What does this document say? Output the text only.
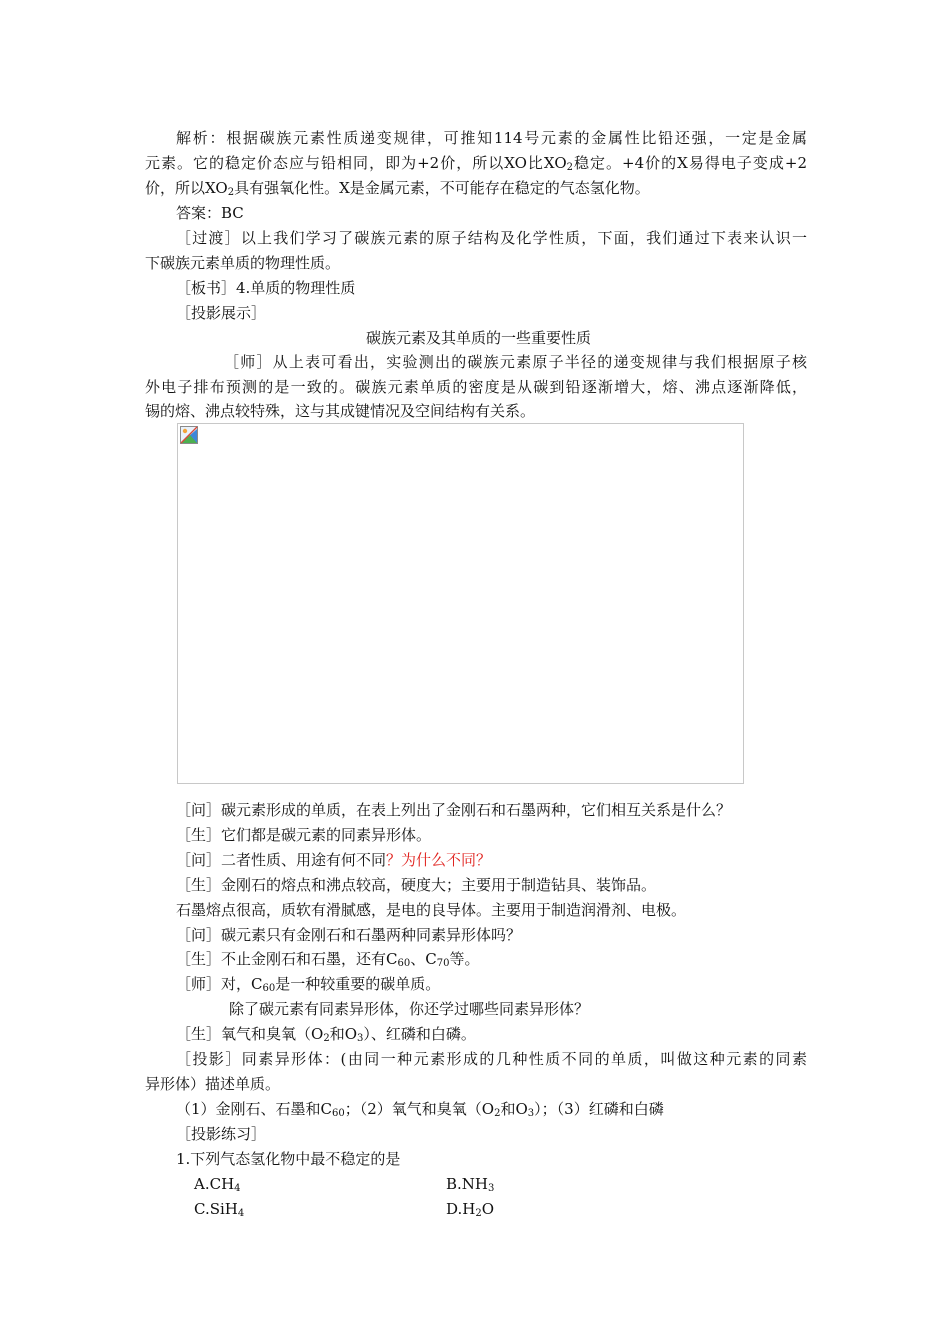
解析：根据碳族元素性质递变规律，可推知114号元素的金属性比铅还强，一定是金属
元素。它的稳定价态应与铅相同，即为+2价，所以XO比$XO_2$稳定。+4价的X易得电子变成+2
价，所以$XO_2$具有强氧化性。X是金属元素，不可能存在稳定的气态氢化物。
答案：BC
［过渡］以上我们学习了碳族元素的原子结构及化学性质，下面，我们通过下表来认识一
下碳族元素单质的物理性质。
［板书］4.单质的物理性质
［投影展示］
碳族元素及其单质的一些重要性质
［师］从上表可看出，实验测出的碳族元素原子半径的递变规律与我们根据原子核
外电子排布预测的是一致的。碳族元素单质的密度是从碳到铅逐渐增大，熔、沸点逐渐降低，
锡的熔、沸点较特殊，这与其成键情况及空间结构有关系。
［问］碳元素形成的单质，在表上列出了金刚石和石墨两种，它们相互关系是什么？
［生］它们都是碳元素的同素异形体。
［问］二者性质、用途有何不同？为什么不同？
［生］金刚石的熔点和沸点较高，硬度大；主要用于制造钻具、装饰品。
石墨熔点很高，质软有滑腻感，是电的良导体。主要用于制造润滑剂、电极。
［问］碳元素只有金刚石和石墨两种同素异形体吗？
［生］不止金刚石和石墨，还有$C_{60}$、$C_{70}$等。
［师］对，$C_{60}$是一种较重要的碳单质。
除了碳元素有同素异形体，你还学过哪些同素异形体？
［生］氧气和臭氧（$O_2$和$O_3$）、红磷和白磷。
［投影］同素异形体：(由同一种元素形成的几种性质不同的单质，叫做这种元素的同素
异形体）描述单质。
（1）金刚石、石墨和$C_{60}$；（2）氧气和臭氧（$O_2$和$O_3$）；（3）红磷和白磷
［投影练习］
1.下列气态氢化物中最不稳定的是
$A.CH_4$	$B.NH_3$
C.SiH$_4$	$D.H_2O$
